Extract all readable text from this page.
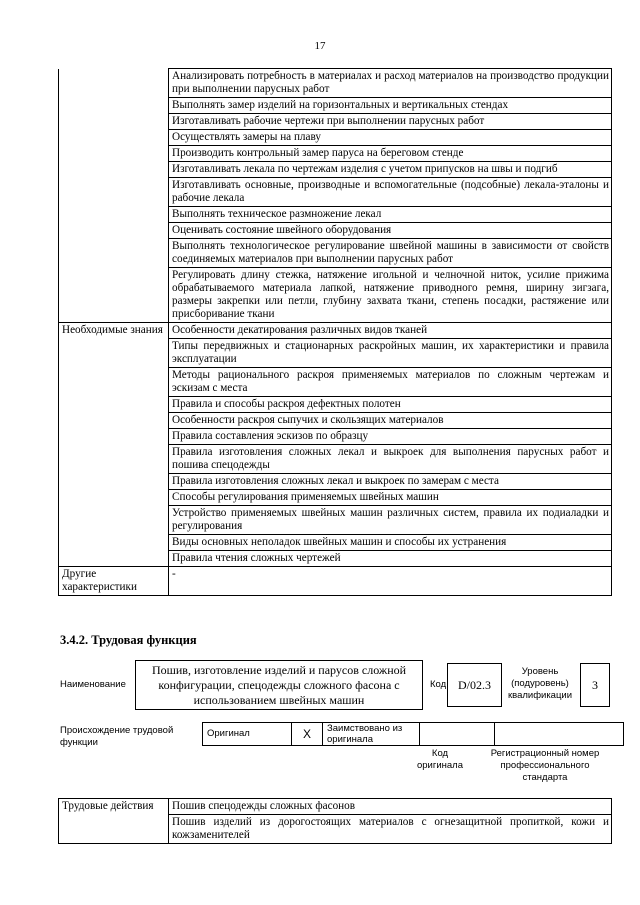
17
	Анализировать потребность в материалах и расход материалов на производство продукции при выполнении парусных работ
	Выполнять замер изделий на горизонтальных и вертикальных стендах
	Изготавливать рабочие чертежи при выполнении парусных работ
	Осуществлять замеры на плаву
	Производить контрольный замер паруса на береговом стенде
	Изготавливать лекала по чертежам изделия с учетом припусков на швы и подгиб
	Изготавливать основные, производные и вспомогательные (подсобные) лекала-эталоны и рабочие лекала
	Выполнять техническое размножение лекал
	Оценивать состояние швейного оборудования
	Выполнять технологическое регулирование швейной машины в зависимости от свойств соединяемых материалов при выполнении парусных работ
	Регулировать длину стежка, натяжение игольной и челночной ниток, усилие прижима обрабатываемого материала лапкой, натяжение приводного ремня, ширину зигзага, размеры закрепки или петли, глубину захвата ткани, степень посадки, растяжение или присборивание ткани
Необходимые знания	Особенности декатирования различных видов тканей
	Типы передвижных и стационарных раскройных машин, их характеристики и правила эксплуатации
	Методы рационального раскроя применяемых материалов по сложным чертежам и эскизам с места
	Правила и способы раскроя дефектных полотен
	Особенности раскроя сыпучих и скользящих материалов
	Правила составления эскизов по образцу
	Правила изготовления сложных лекал и выкроек для выполнения парусных работ и пошива спецодежды
	Правила изготовления сложных лекал и выкроек по замерам с места
	Способы регулирования применяемых швейных машин
	Устройство применяемых швейных машин различных систем, правила их подиаладки и регулирования
	Виды основных неполадок швейных машин и способы их устранения
	Правила чтения сложных чертежей
Другие характеристики	-
3.4.2. Трудовая функция
Наименование
Пошив, изготовление изделий и парусов сложной конфигурации, спецодежды сложного фасона с использованием швейных машин
Код D/02.3
Уровень (подуровень) квалификации
3
Происхождение трудовой функции
Оригинал	X	Заимствовано из оригинала		
Код оригинала
Регистрационный номер профессионального стандарта
Трудовые действия	Пошив спецодежды сложных фасонов
	Пошив изделий из дорогостоящих материалов с огнезащитной пропиткой, кожи и кожзаменителей
